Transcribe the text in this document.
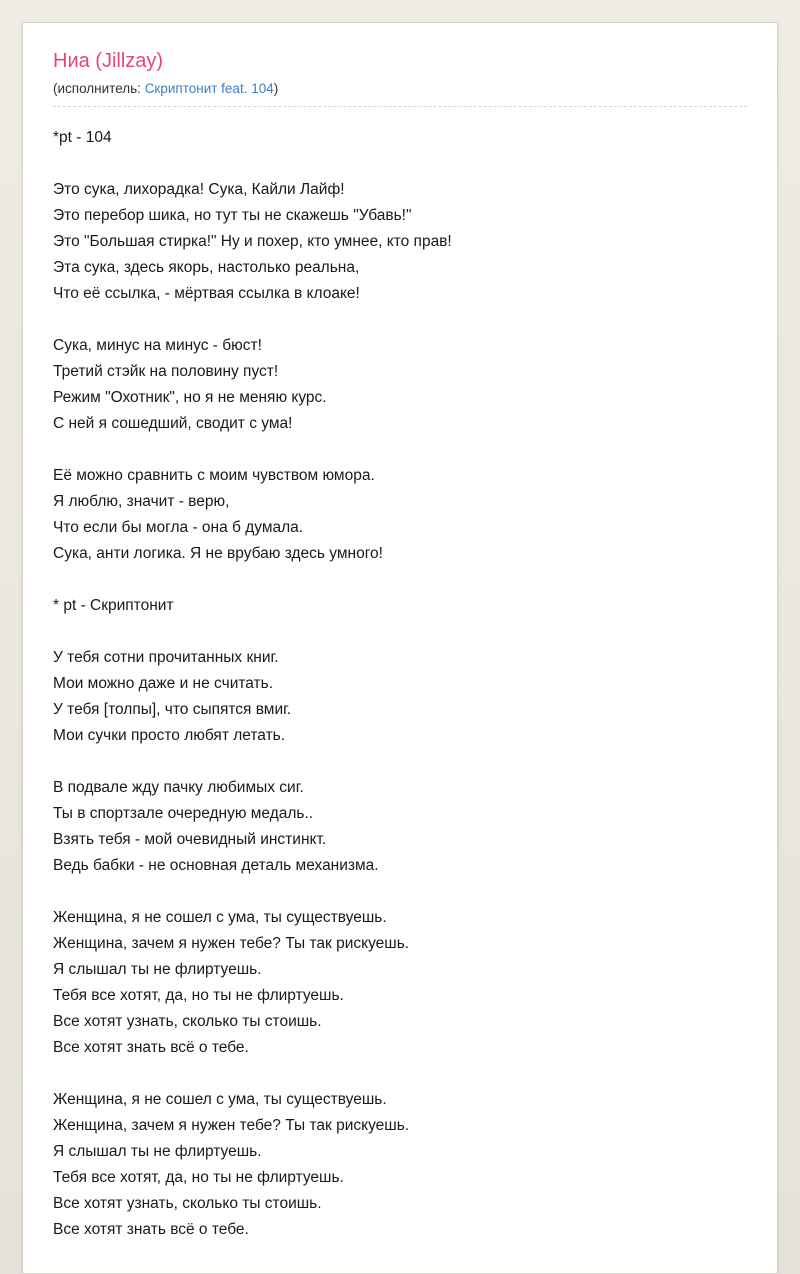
Ниа (Jillzay)
(исполнитель: Скриптонит feat. 104)

*pt - 104

Это сука, лихорадка! Сука, Кайли Лайф!
Это перебор шика, но тут ты не скажешь "Убавь!"
Это "Большая стирка!" Ну и похер, кто умнее, кто прав!
Эта сука, здесь якорь, настолько реальна,
Что её ссылка, - мёртвая ссылка в клоаке!

Сука, минус на минус - бюст!
Третий стэйк на половину пуст!
Режим "Охотник", но я не меняю курс.
С ней я сошедший, сводит с ума!

Её можно сравнить с моим чувством юмора.
Я люблю, значит - верю,
Что если бы могла - она б думала.
Сука, анти логика. Я не врубаю здесь умного!

* pt - Скриптонит

У тебя сотни прочитанных книг.
Мои можно даже и не считать.
У тебя [толпы], что сыпятся вмиг.
Мои сучки просто любят летать.

В подвале жду пачку любимых сиг.
Ты в спортзале очередную медаль..
Взять тебя - мой очевидный инстинкт.
Ведь бабки - не основная деталь механизма.

Женщина, я не сошел с ума, ты существуешь.
Женщина, зачем я нужен тебе? Ты так рискуешь.
Я слышал ты не флиртуешь.
Тебя все хотят, да, но ты не флиртуешь.
Все хотят узнать, сколько ты стоишь.
Все хотят знать всё о тебе.

Женщина, я не сошел с ума, ты существуешь.
Женщина, зачем я нужен тебе? Ты так рискуешь.
Я слышал ты не флиртуешь.
Тебя все хотят, да, но ты не флиртуешь.
Все хотят узнать, сколько ты стоишь.
Все хотят знать всё о тебе.
